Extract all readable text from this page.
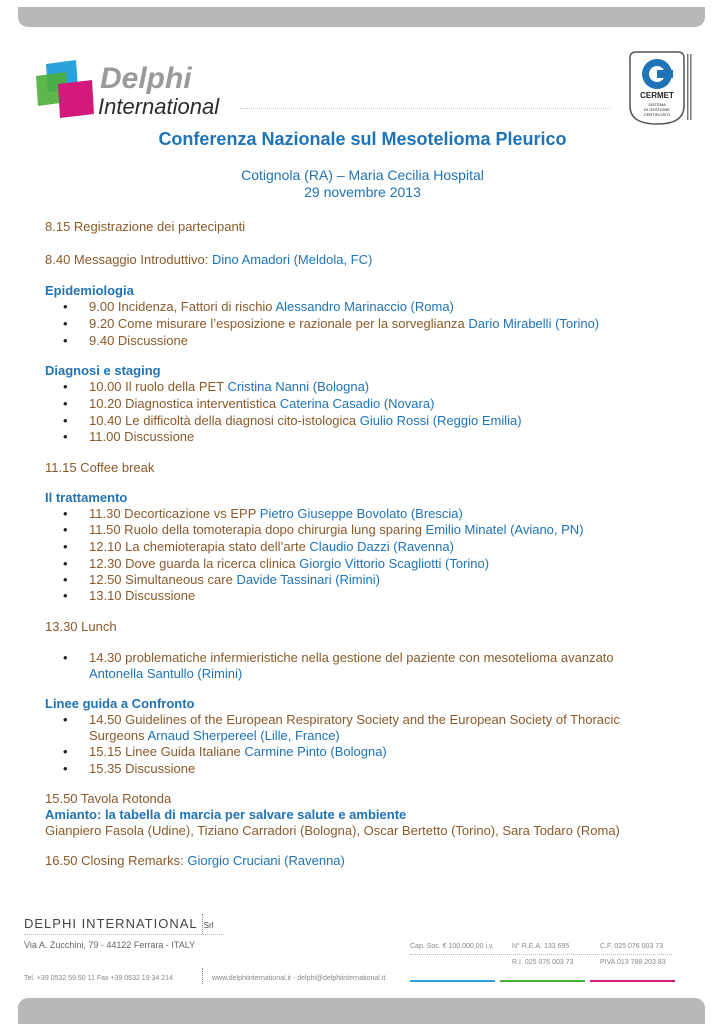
Delphi
International	CERMET
SISTEMA
DI GESTIONE
CERTIFICATO
Conferenza Nazionale sul Mesotelioma Pleurico
Cotignola (RA) – Maria Cecilia Hospital
29 novembre 2013
8.15 Registrazione dei partecipanti
8.40 Messaggio Introduttivo: Dino Amadori (Meldola, FC)
Epidemiologia
• 9.00 Incidenza, Fattori di rischio Alessandro Marinaccio (Roma)
• 9.20 Come misurare l’esposizione e razionale per la sorveglianza Dario Mirabelli (Torino)
• 9.40 Discussione
Diagnosi e staging
• 10.00 Il ruolo della PET Cristina Nanni (Bologna)
• 10.20 Diagnostica interventistica Caterina Casadio (Novara)
• 10.40 Le difficoltà della diagnosi cito-istologica Giulio Rossi (Reggio Emilia)
• 11.00 Discussione
11.15 Coffee break
Il trattamento
• 11.30 Decorticazione vs EPP Pietro Giuseppe Bovolato (Brescia)
• 11.50 Ruolo della tomoterapia dopo chirurgia lung sparing Emilio Minatel (Aviano, PN)
• 12.10 La chemioterapia stato dell’arte Claudio Dazzi (Ravenna)
• 12.30 Dove guarda la ricerca clinica Giorgio Vittorio Scagliotti (Torino)
• 12.50 Simultaneous care Davide Tassinari (Rimini)
• 13.10 Discussione
13.30 Lunch
• 14.30 problematiche infermieristiche nella gestione del paziente con mesotelioma avanzato
Antonella Santullo (Rimini)
Linee guida a Confronto
• 14.50 Guidelines of the European Respiratory Society and the European Society of Thoracic
Surgeons Arnaud Sherpereel (Lille, France)
• 15.15 Linee Guida Italiane Carmine Pinto (Bologna)
• 15.35 Discussione
15.50 Tavola Rotonda
Amianto: la tabella di marcia per salvare salute e ambiente
Gianpiero Fasola (Udine), Tiziano Carradori (Bologna), Oscar Bertetto (Torino), Sara Todaro (Roma)
16.50 Closing Remarks: Giorgio Cruciani (Ravenna)
DELPHI INTERNATIONAL Srl
Via A. Zucchini, 79 - 44122 Ferrara - ITALY
Tel. +39 0532 59 50 11 Fax +39 0532 19 34 214	www.delphiinternational.it - delphi@delphiinternational.it
Cap. Soc. € 100.000,00 i.v.	N° R.E.A. 133 695	C.F. 025 076 003 73
R.I. 025 076 003 73	PIVA 013 788 203 83
